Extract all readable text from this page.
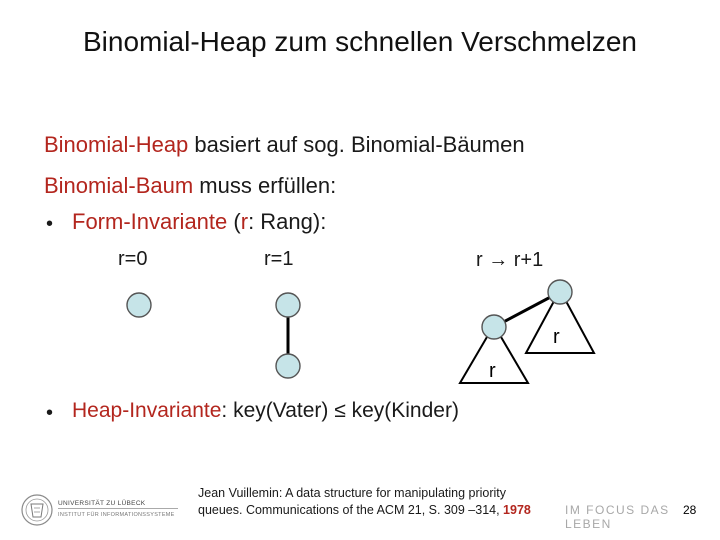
Binomial-Heap zum schnellen Verschmelzen
Binomial-Heap basiert auf sog. Binomial-Bäumen
Binomial-Baum muss erfüllen:
• Form-Invariante (r: Rang):
r=0	r=1	r → r+1
r
r
• Heap-Invariante: key(Vater) ≤ key(Kinder)
Jean Vuillemin: A data structure for manipulating priority queues. Communications of the ACM 21, S. 309 –314, 1978
UNIVERSITÄT ZU LÜBECK
INSTITUT FÜR INFORMATIONSSYSTEME	IM FOCUS DAS LEBEN
28
